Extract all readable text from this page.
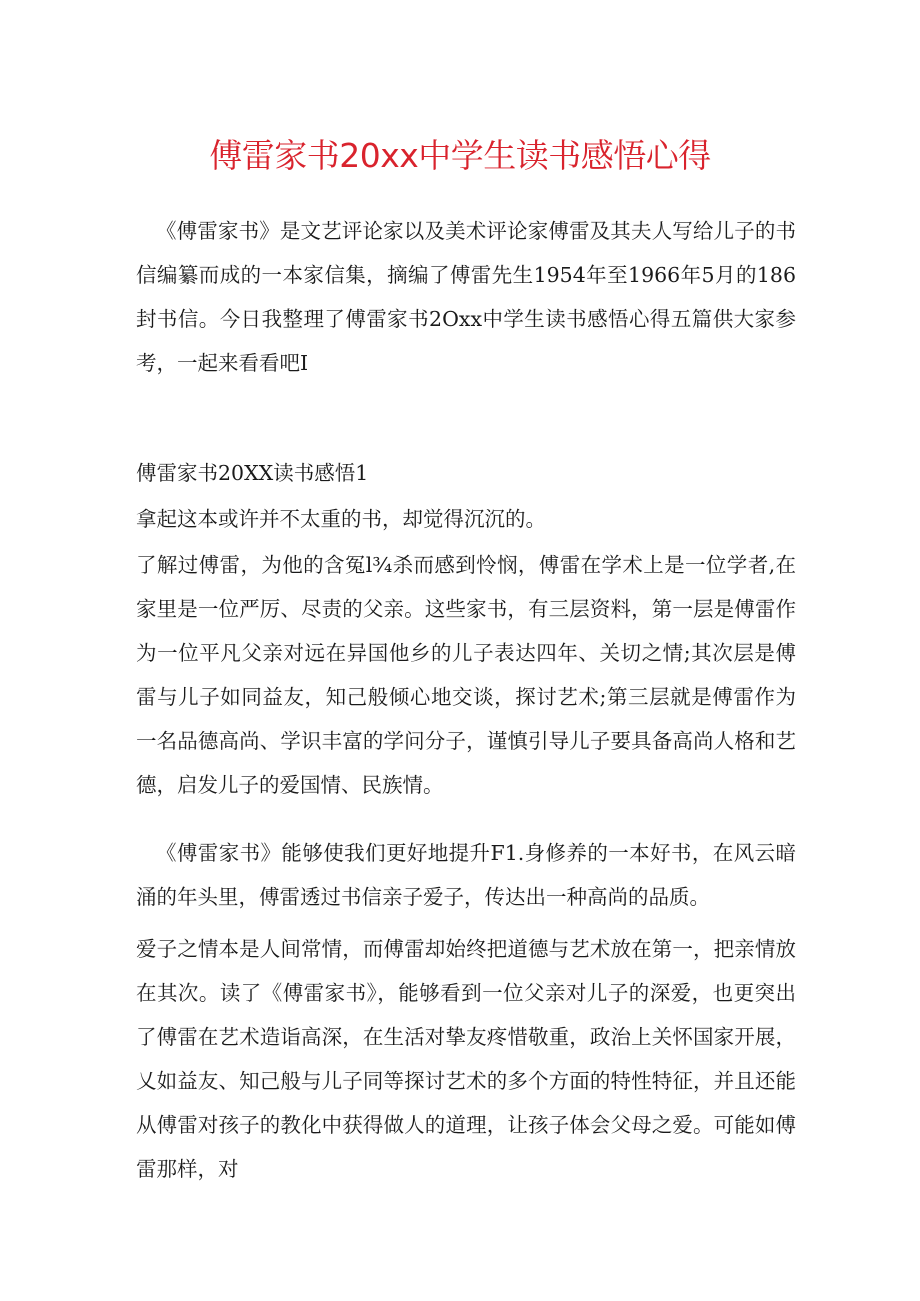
傅雷家书20xx中学生读书感悟心得

《傅雷家书》是文艺评论家以及美术评论家傅雷及其夫人写给儿子的书信编纂而成的一本家信集，摘编了傅雷先生1954年至1966年5月的186封书信。今日我整理了傅雷家书2Oxx中学生读书感悟心得五篇供大家参考，一起来看看吧I

傅雷家书20XX读书感悟1

拿起这本或许并不太重的书，却觉得沉沉的。

了解过傅雷，为他的含冤l¾杀而感到怜悯，傅雷在学术上是一位学者,在家里是一位严厉、尽责的父亲。这些家书，有三层资料，第一层是傅雷作为一位平凡父亲对远在异国他乡的儿子表达四年、关切之情;其次层是傅雷与儿子如同益友，知己般倾心地交谈，探讨艺术;第三层就是傅雷作为一名品德高尚、学识丰富的学问分子，谨慎引导儿子要具备高尚人格和艺德，启发儿子的爱国情、民族情。

《傅雷家书》能够使我们更好地提升F1.身修养的一本好书，在风云暗涌的年头里，傅雷透过书信亲子爱子，传达出一种高尚的品质。

爱子之情本是人间常情，而傅雷却始终把道德与艺术放在第一，把亲情放在其次。读了《傅雷家书》，能够看到一位父亲对儿子的深爱，也更突出了傅雷在艺术造诣高深，在生活对挚友疼惜敬重，政治上关怀国家开展，乂如益友、知己般与儿子同等探讨艺术的多个方面的特性特征，并且还能从傅雷对孩子的教化中获得做人的道理，让孩子体会父母之爱。可能如傅雷那样，对
